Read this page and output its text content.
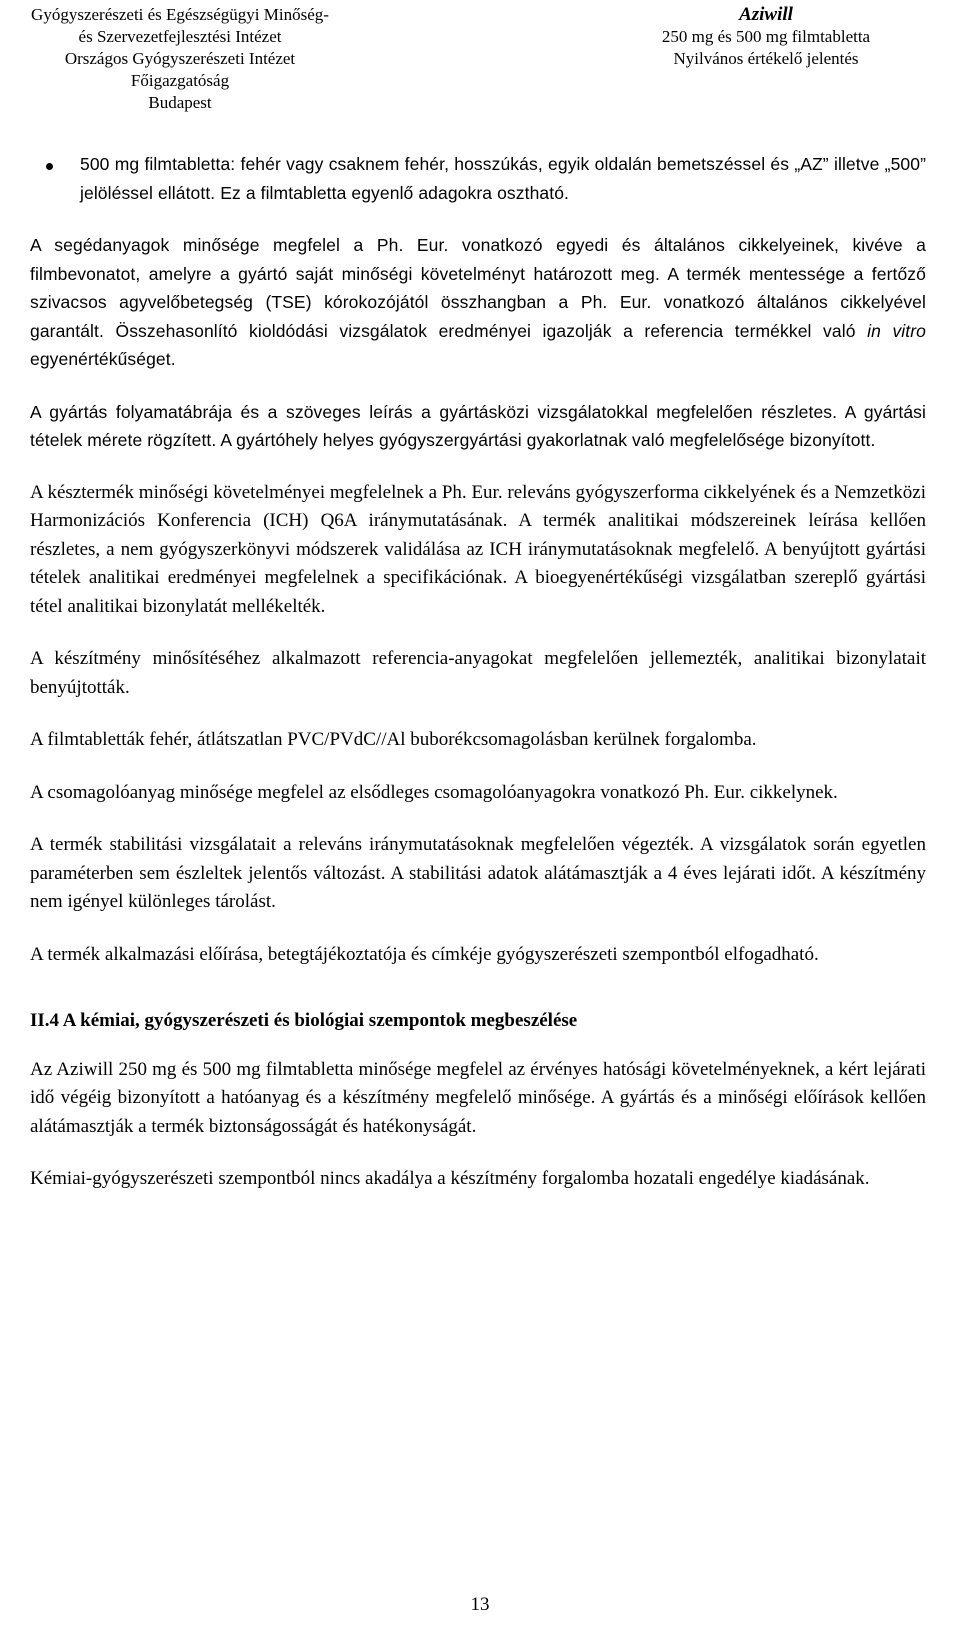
Gyógyszerészeti és Egészségügyi Minőség-
és Szervezetfejlesztési Intézet
Országos Gyógyszerészeti Intézet
Főigazgatóság
Budapest
Aziwill
250 mg és 500 mg filmtabletta
Nyilvános értékelő jelentés
500 mg filmtabletta: fehér vagy csaknem fehér, hosszúkás, egyik oldalán bemetszéssel és „AZ” illetve „500” jelöléssel ellátott. Ez a filmtabletta egyenlő adagokra osztható.

A segédanyagok minősége megfelel a Ph. Eur. vonatkozó egyedi és általános cikkelyeinek, kivéve a filmbevonatot, amelyre a gyártó saját minőségi követelményt határozott meg. A termék mentessége a fertőző szivacsos agyvelőbetegség (TSE) kórokozójától összhangban a Ph. Eur. vonatkozó általános cikkelyével garantált. Összehasonlító kioldódási vizsgálatok eredményei igazolják a referencia termékkel való in vitro egyenértékűséget.

A gyártás folyamatábrája és a szöveges leírás a gyártásközi vizsgálatokkal megfelelően részletes. A gyártási tételek mérete rögzített. A gyártóhely helyes gyógyszergyártási gyakorlatnak való megfelelősége bizonyított.

A késztermék minőségi követelményei megfelelnek a Ph. Eur. releváns gyógyszerforma cikkelyének és a Nemzetközi Harmonizációs Konferencia (ICH) Q6A iránymutatásának. A termék analitikai módszereinek leírása kellően részletes, a nem gyógyszerkönyvi módszerek validálása az ICH iránymutatásoknak megfelelő. A benyújtott gyártási tételek analitikai eredményei megfelelnek a specifikációnak. A bioegyenértékűségi vizsgálatban szereplő gyártási tétel analitikai bizonylatát mellékelték.

A készítmény minősítéséhez alkalmazott referencia-anyagokat megfelelően jellemezték, analitikai bizonylatait benyújtották.

A filmtabletták fehér, átlátszatlan PVC/PVdC//Al buborékcsomagolásban kerülnek forgalomba.

A csomagolóanyag minősége megfelel az elsődleges csomagolóanyagokra vonatkozó Ph. Eur. cikkelynek.

A termék stabilitási vizsgálatait a releváns iránymutatásoknak megfelelően végezték. A vizsgálatok során egyetlen paraméterben sem észleltek jelentős változást. A stabilitási adatok alátámasztják a 4 éves lejárati időt. A készítmény nem igényel különleges tárolást.

A termék alkalmazási előírása, betegtájékoztatója és címkéje gyógyszerészeti szempontból elfogadható.

II.4 A kémiai, gyógyszerészeti és biológiai szempontok megbeszélése

Az Aziwill 250 mg és 500 mg filmtabletta minősége megfelel az érvényes hatósági követelményeknek, a kért lejárati idő végéig bizonyított a hatóanyag és a készítmény megfelelő minősége. A gyártás és a minőségi előírások kellően alátámasztják a termék biztonságosságát és hatékonyságát.

Kémiai-gyógyszerészeti szempontból nincs akadálya a készítmény forgalomba hozatali engedélye kiadásának.

13
